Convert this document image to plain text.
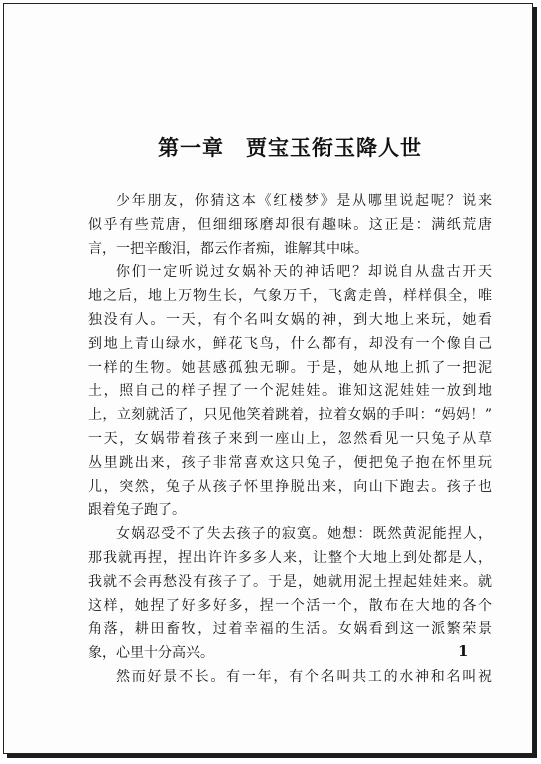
第一章　贾宝玉衔玉降人世

少年朋友，你猜这本《红楼梦》是从哪里说起呢？说来
似乎有些荒唐，但细细琢磨却很有趣味。这正是：满纸荒唐
言，一把辛酸泪，都云作者痴，谁解其中味。

你们一定听说过女娲补天的神话吧？却说自从盘古开天
地之后，地上万物生长，气象万千，飞禽走兽，样样俱全，唯
独没有人。一天，有个名叫女娲的神，到大地上来玩，她看
到地上青山绿水，鲜花飞鸟，什么都有，却没有一个像自己
一样的生物。她甚感孤独无聊。于是，她从地上抓了一把泥
土，照自己的样子捏了一个泥娃娃。谁知这泥娃娃一放到地
上，立刻就活了，只见他笑着跳着，拉着女娲的手叫：“妈妈！”
一天，女娲带着孩子来到一座山上，忽然看见一只兔子从草
丛里跳出来，孩子非常喜欢这只兔子，便把兔子抱在怀里玩
儿，突然，兔子从孩子怀里挣脱出来，向山下跑去。孩子也
跟着兔子跑了。

女娲忍受不了失去孩子的寂寞。她想：既然黄泥能捏人，
那我就再捏，捏出许许多多人来，让整个大地上到处都是人，
我就不会再愁没有孩子了。于是，她就用泥土捏起娃娃来。就
这样，她捏了好多好多，捏一个活一个，散布在大地的各个
角落，耕田畜牧，过着幸福的生活。女娲看到这一派繁荣景
象，心里十分高兴。

然而好景不长。有一年，有个名叫共工的水神和名叫祝

1
